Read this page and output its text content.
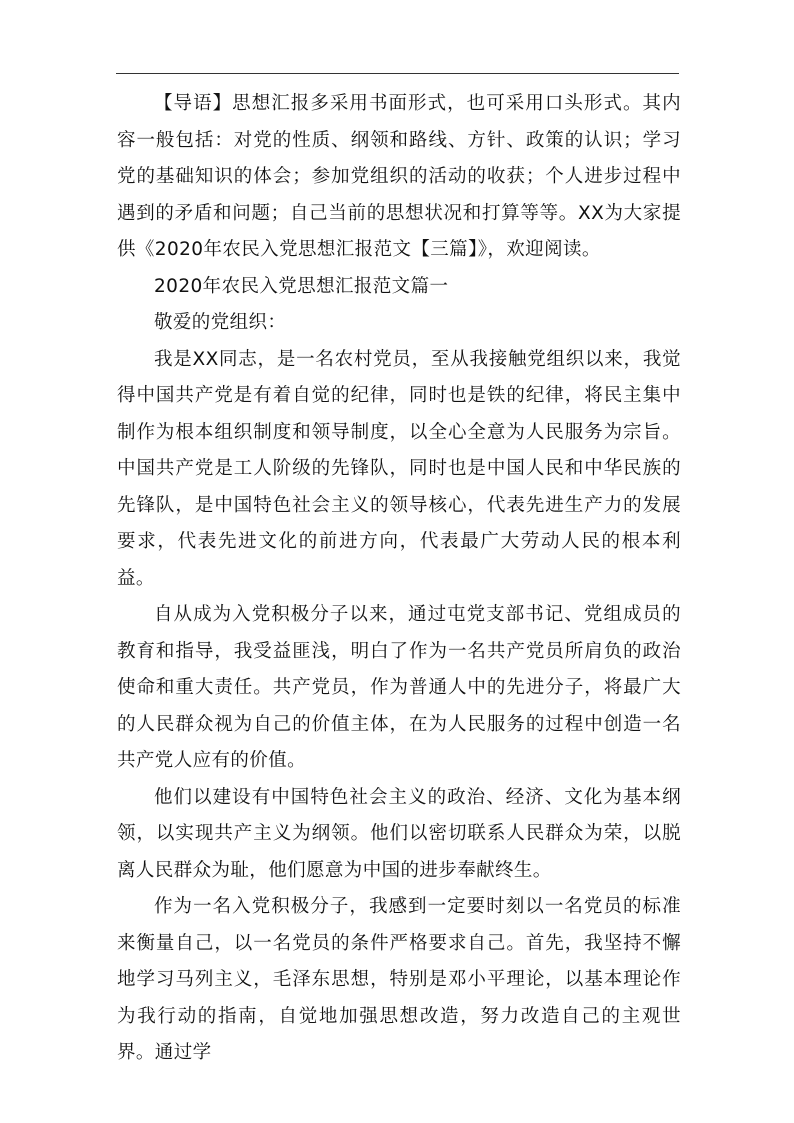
【导语】思想汇报多采用书面形式，也可采用口头形式。其内容一般包括：对党的性质、纲领和路线、方针、政策的认识；学习党的基础知识的体会；参加党组织的活动的收获；个人进步过程中遇到的矛盾和问题；自己当前的思想状况和打算等等。XX为大家提供《2020年农民入党思想汇报范文【三篇】》，欢迎阅读。

2020年农民入党思想汇报范文篇一

敬爱的党组织：

我是XX同志，是一名农村党员，至从我接触党组织以来，我觉得中国共产党是有着自觉的纪律，同时也是铁的纪律，将民主集中制作为根本组织制度和领导制度，以全心全意为人民服务为宗旨。中国共产党是工人阶级的先锋队，同时也是中国人民和中华民族的先锋队，是中国特色社会主义的领导核心，代表先进生产力的发展要求，代表先进文化的前进方向，代表最广大劳动人民的根本利益。

自从成为入党积极分子以来，通过屯党支部书记、党组成员的教育和指导，我受益匪浅，明白了作为一名共产党员所肩负的政治使命和重大责任。共产党员，作为普通人中的先进分子，将最广大的人民群众视为自己的价值主体，在为人民服务的过程中创造一名共产党人应有的价值。

他们以建设有中国特色社会主义的政治、经济、文化为基本纲领，以实现共产主义为纲领。他们以密切联系人民群众为荣，以脱离人民群众为耻，他们愿意为中国的进步奉献终生。

作为一名入党积极分子，我感到一定要时刻以一名党员的标准来衡量自己，以一名党员的条件严格要求自己。首先，我坚持不懈地学习马列主义，毛泽东思想，特别是邓小平理论，以基本理论作为我行动的指南，自觉地加强思想改造，努力改造自己的主观世界。通过学
